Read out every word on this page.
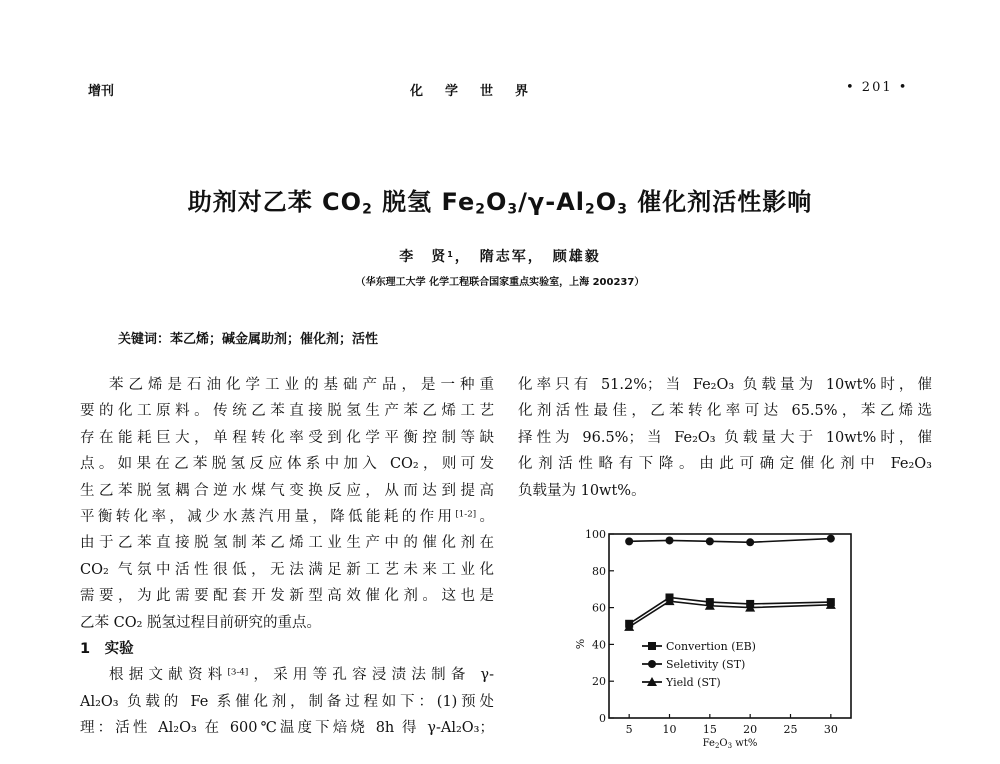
增刊	化学世界	• 201 •
助剂对乙苯 $CO_2$ 脱氢 $Fe_2O_3/\gamma-Al_2O_3$ 催化剂活性影响
李　贤$^1$，　隋志军，　顾雄毅
（华东理工大学 化学工程联合国家重点实验室，上海 200237）
关键词：苯乙烯；碱金属助剂；催化剂；活性
苯乙烯是石油化学工业的基础产品，是一种重
要的化工原料。传统乙苯直接脱氢生产苯乙烯工艺
存在能耗巨大，单程转化率受到化学平衡控制等缺
点。如果在乙苯脱氢反应体系中加入 CO₂，则可发
生乙苯脱氢耦合逆水煤气变换反应，从而达到提高
平衡转化率，减少水蒸汽用量，降低能耗的作用[1-2]。
由于乙苯直接脱氢制苯乙烯工业生产中的催化剂在
CO₂ 气氛中活性很低，无法满足新工艺未来工业化
需要，为此需要配套开发新型高效催化剂。这也是
乙苯 CO₂ 脱氢过程目前研究的重点。
1　实验
根据文献资料[3-4]，采用等孔容浸渍法制备 γ-
Al₂O₃ 负载的 Fe 系催化剂，制备过程如下：(1)预处
理：活性 Al₂O₃ 在 600℃温度下焙烧 8h 得 γ-Al₂O₃；
化率只有 51.2%；当 Fe₂O₃ 负载量为 10wt%时，催
化剂活性最佳，乙苯转化率可达 65.5%，苯乙烯选
择性为 96.5%；当 Fe₂O₃ 负载量大于 10wt%时，催
化剂活性略有下降。由此可确定催化剂中 Fe₂O₃
负载量为 10wt%。
0
20
40
60
80
100
5	10 15 20 25 30
$Fe_2O_3$ wt%
%	Convertion (EB)
Seletivity (ST)
Yield (ST)
